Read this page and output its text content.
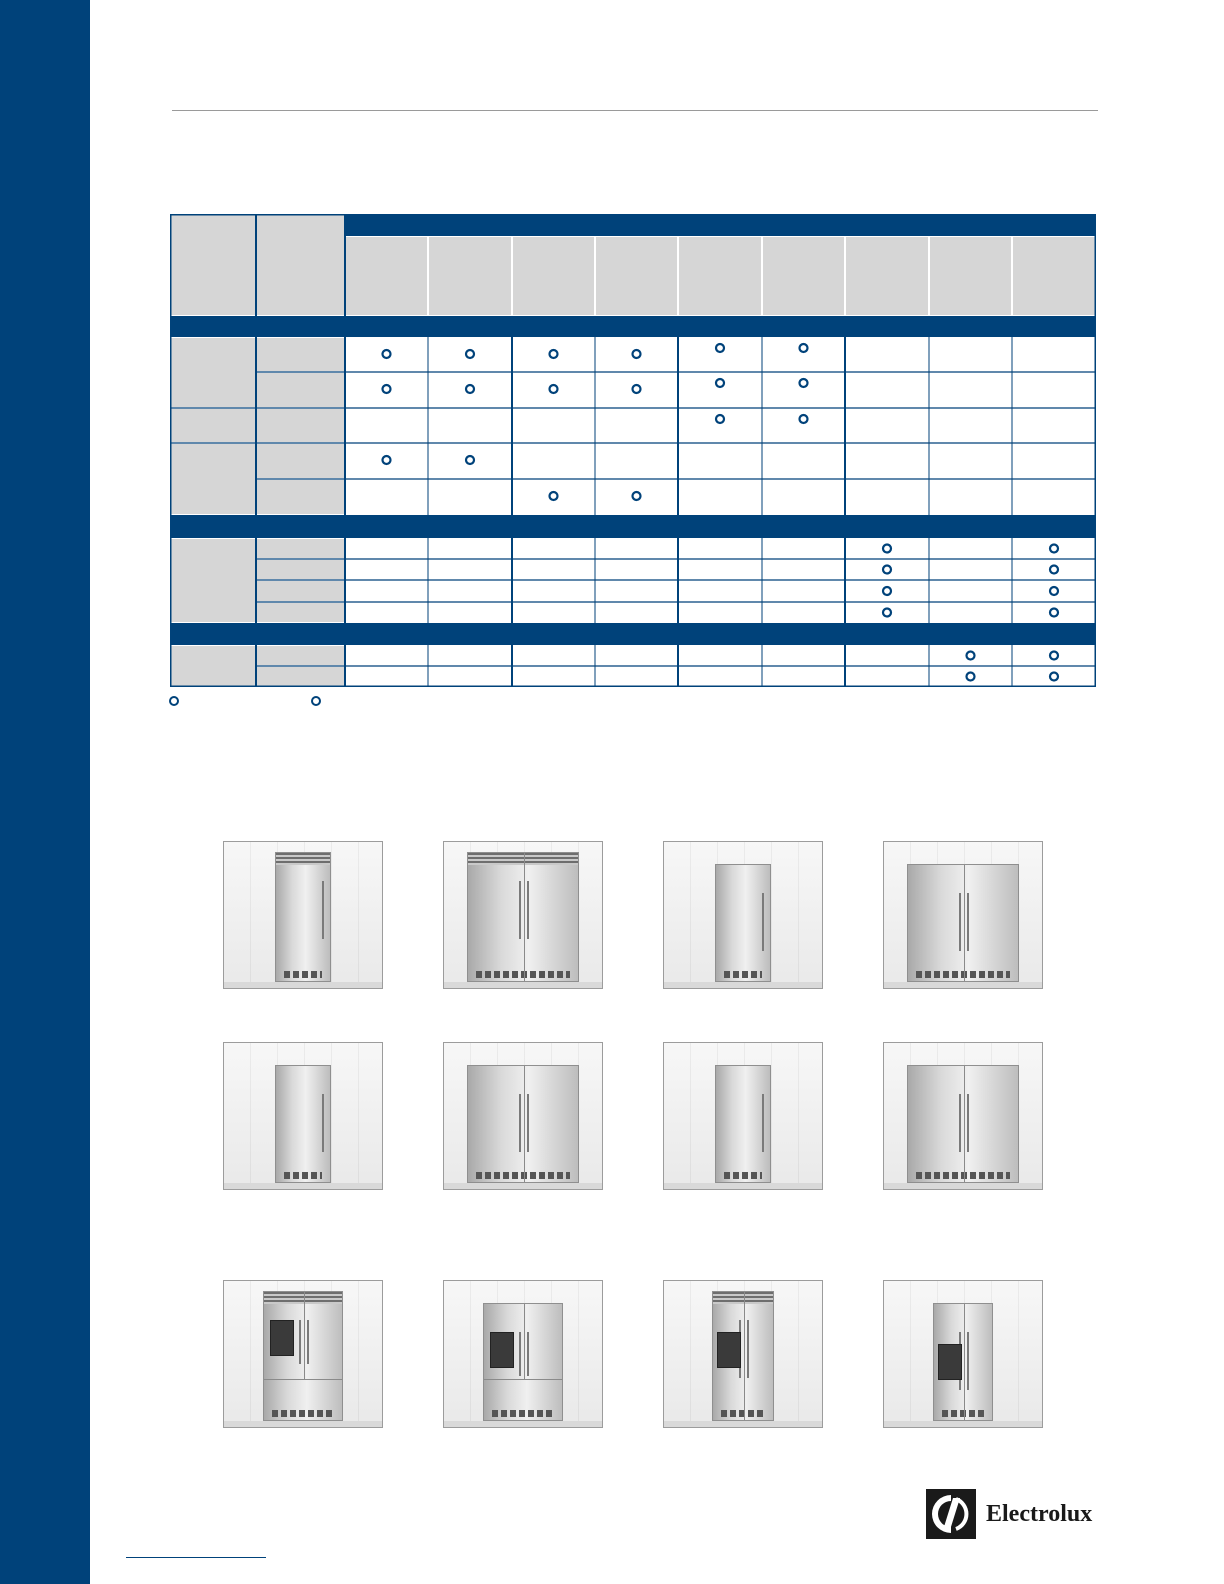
Electrolux
